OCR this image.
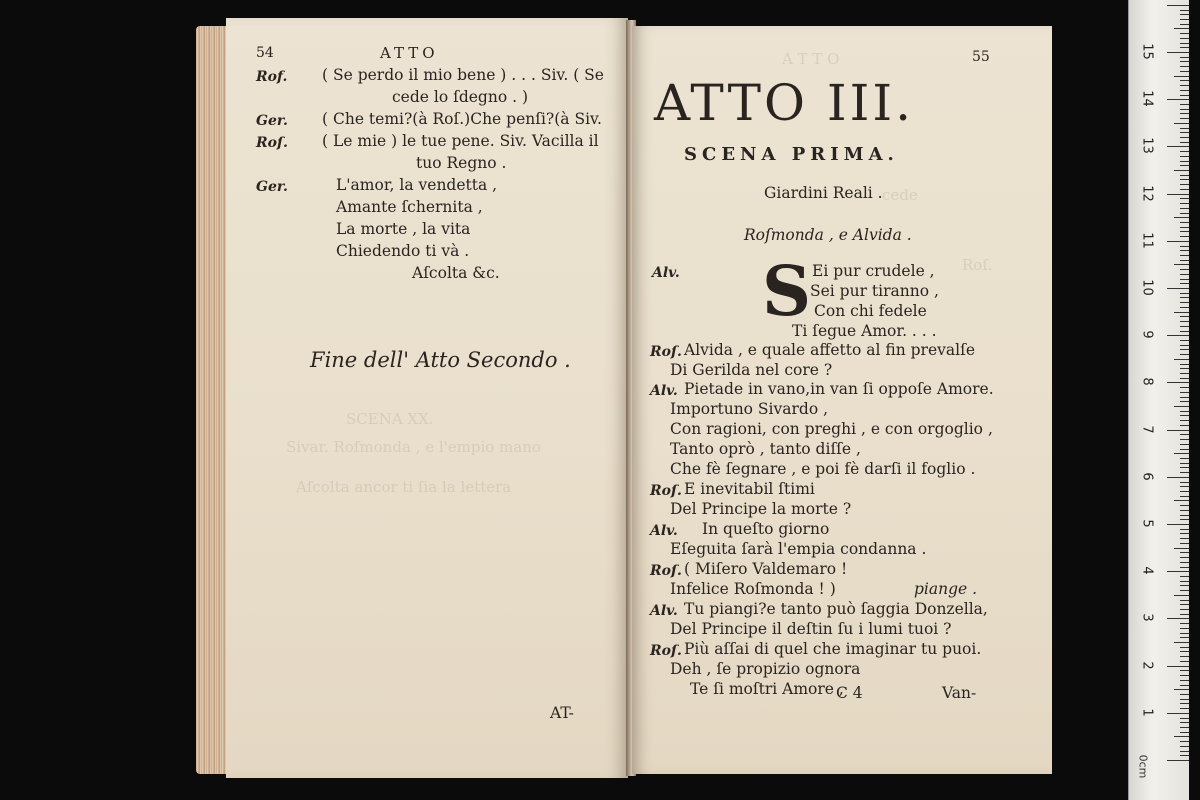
SCENA XX.
Sivar. Roſmonda , e l'empio mano
Aſcolta ancor ti ſia la lettera
54	ATTO
Rof. ( Se perdo il mio bene ) . . . Siv. ( Se
cede lo ſdegno . )
Ger. ( Che temi?(à Roſ.)Che penſi?(à Siv.
Roſ. ( Le mie ) le tue pene. Siv. Vacilla il
tuo Regno .
Ger.	L'amor, la vendetta ,
Amante ſchernita ,
La morte , la vita
Chiedendo ti và .
Aſcolta &c.
Fine dell' Atto Secondo .
AT-
A T T O
cede
Roſ.
55
ATTO III.
SCENA PRIMA.
Giardini Reali .
Roſmonda , e Alvida .
S
Alv.	Ei pur crudele ,
Sei pur tiranno ,
Con chi fedele
Ti ſegue Amor. . . .
Roſ. Alvida , e quale affetto al fin prevalſe
Di Gerilda nel core ?
Alv. Pietade in vano,in van ſi oppoſe Amore.
Importuno Sivardo ,
Con ragioni, con preghi , e con orgoglio ,
Tanto oprò , tanto diſſe ,
Che fè ſegnare , e poi fè darſi il foglio .
Roſ. E inevitabil ſtimi
Del Principe la morte ?
Alv. In queſto giorno
Eſeguita ſarà l'empia condanna .
Roſ. ( Miſero Valdemaro !
Infelice Roſmonda ! )	piange .
Alv. Tu piangi?e tanto può ſaggia Donzella,
Del Principe il deſtin ſu i lumi tuoi ?
Roſ. Più aſſai di quel che imaginar tu puoi.
Deh , ſe propizio ognora
Te ſi moſtri Amore ,
C 4	Van-
0cm
1
2
3
4
5
6
7
8
9
10
11
12
13
14
15
